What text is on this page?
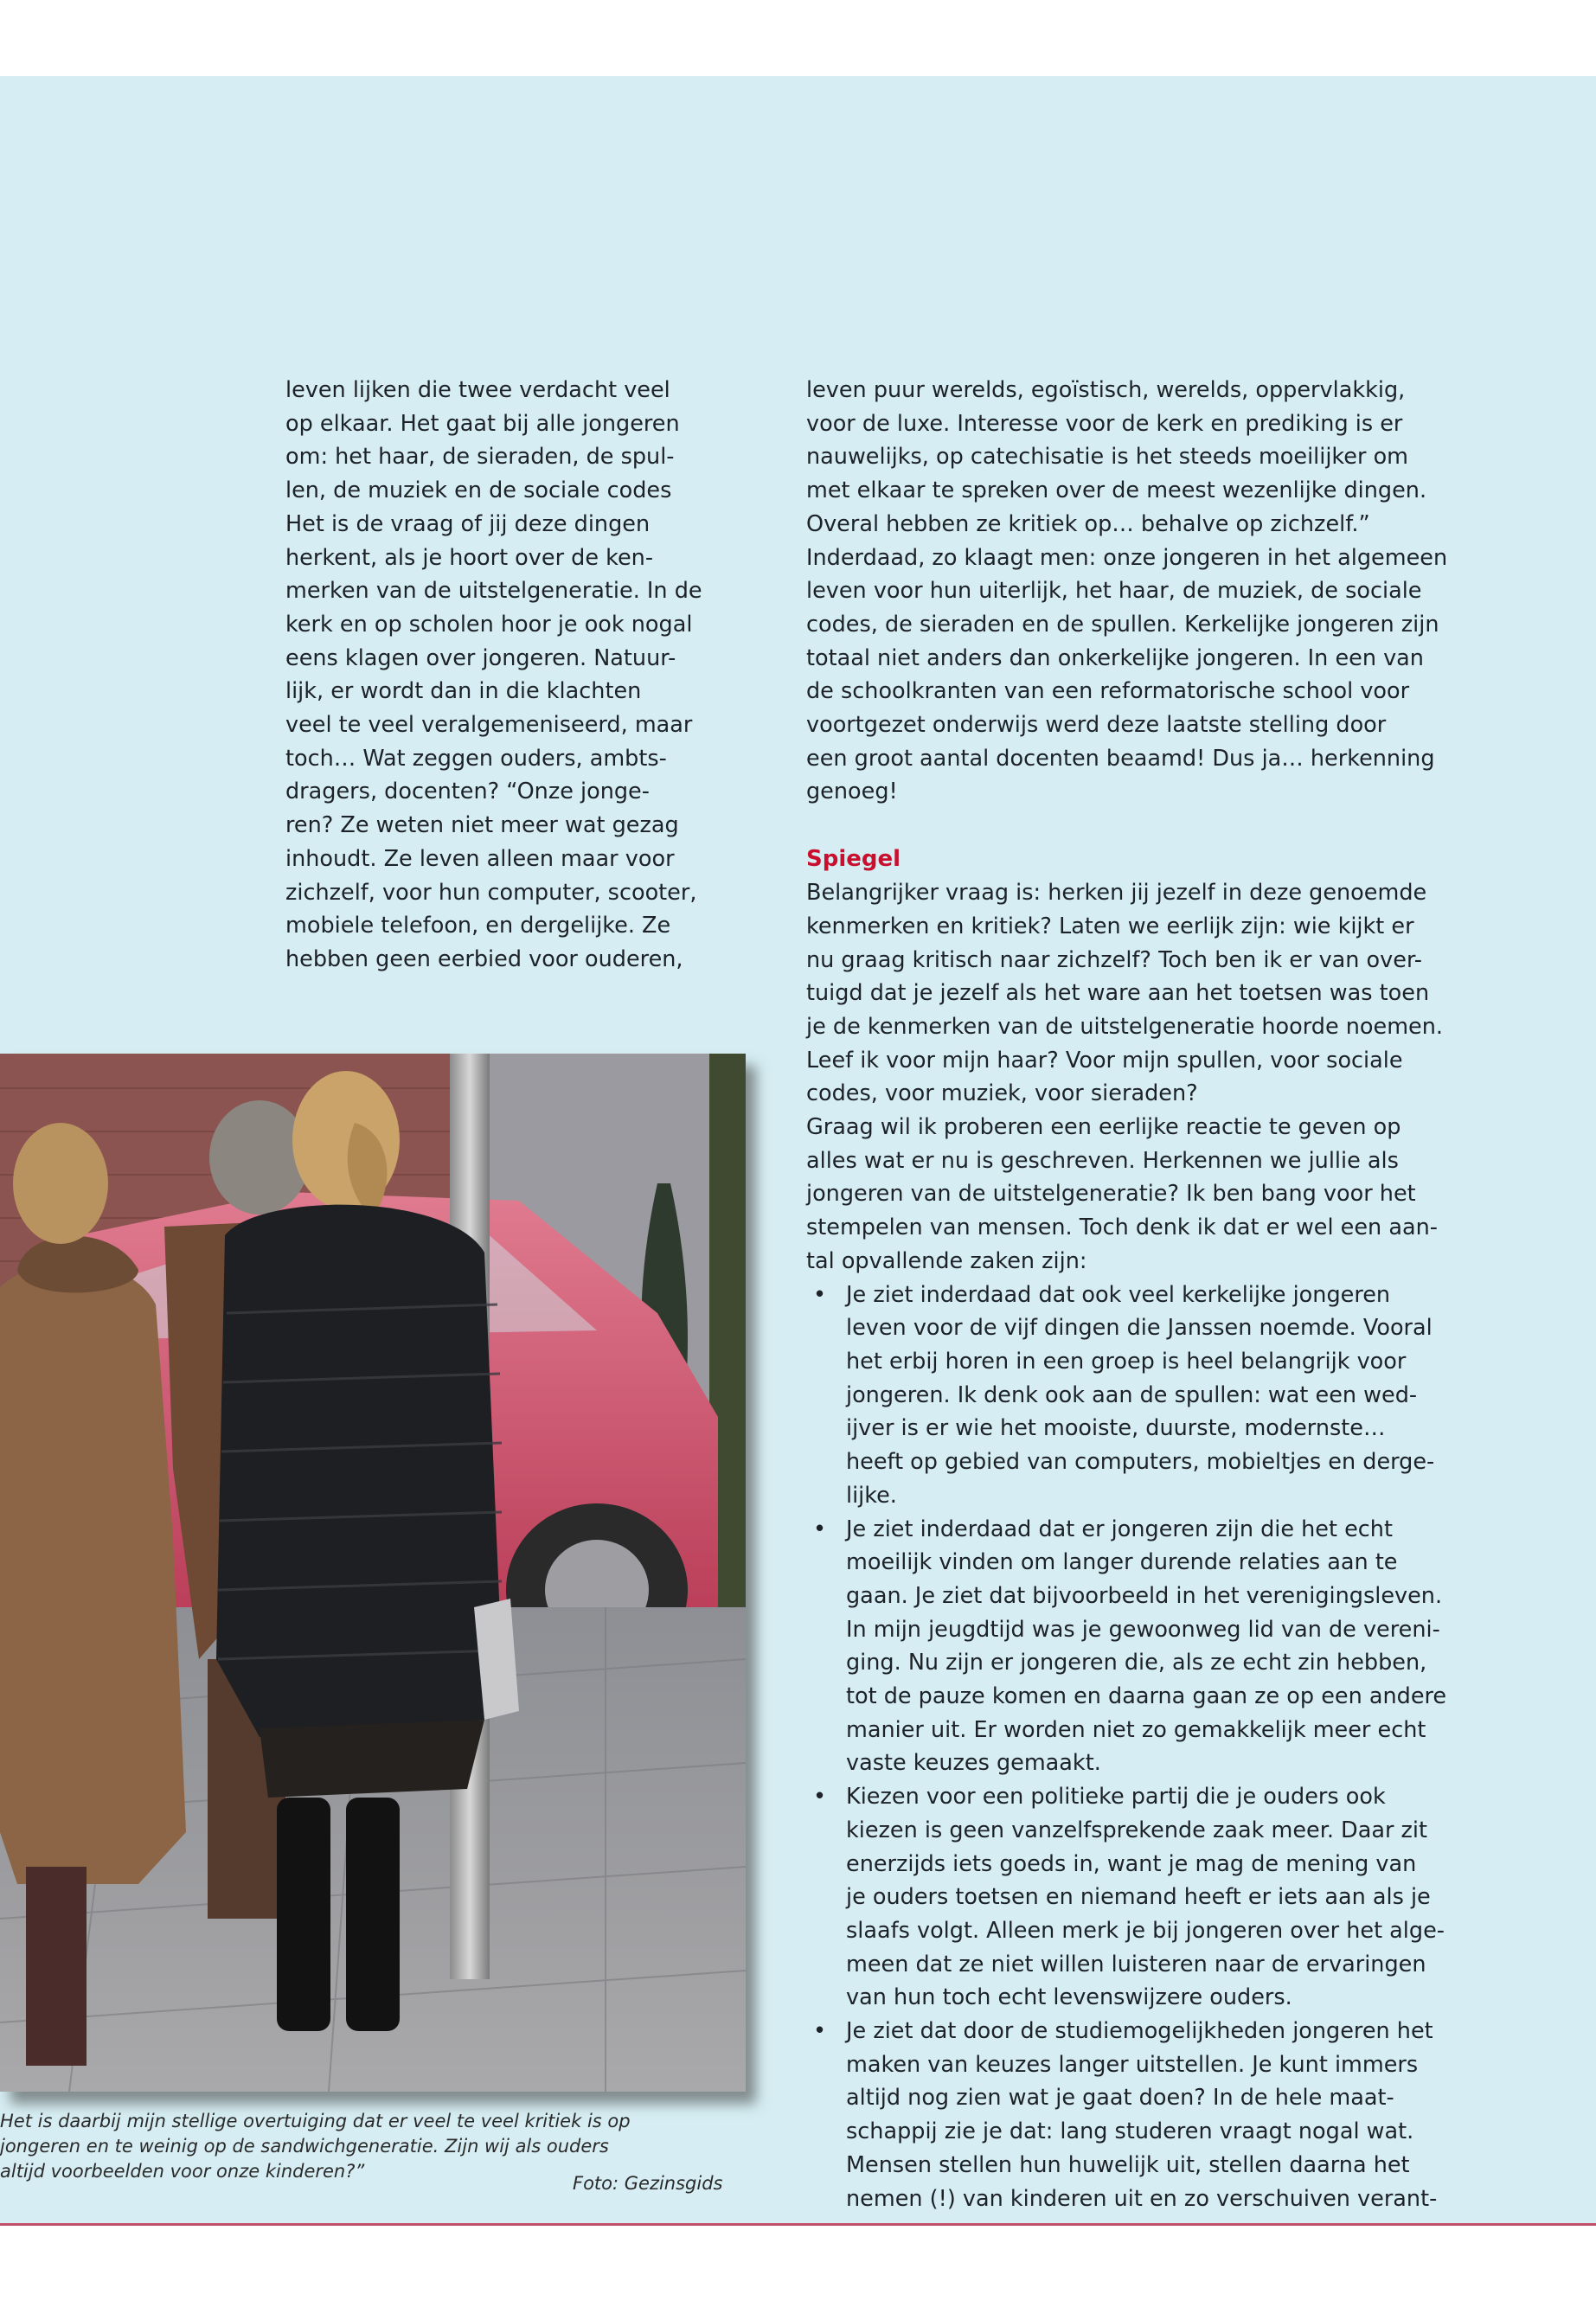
leven lijken die twee verdacht veel

op elkaar. Het gaat bij alle jongeren

om: het haar, de sieraden, de spul-

len, de muziek en de sociale codes

Het is de vraag of jij deze dingen

herkent, als je hoort over de ken-

merken van de uitstelgeneratie. In de

kerk en op scholen hoor je ook nogal

eens klagen over jongeren. Natuur-

lijk, er wordt dan in die klachten

veel te veel veralgemeniseerd, maar

toch… Wat zeggen ouders, ambts-

dragers, docenten? “Onze jonge-

ren? Ze weten niet meer wat gezag

inhoudt. Ze leven alleen maar voor

zichzelf, voor hun computer, scooter,

mobiele telefoon, en dergelijke. Ze

hebben geen eerbied voor ouderen,

leven puur werelds, egoïstisch, werelds, oppervlakkig,

voor de luxe. Interesse voor de kerk en prediking is er

nauwelijks, op catechisatie is het steeds moeilijker om

met elkaar te spreken over de meest wezenlijke dingen.

Overal hebben ze kritiek op… behalve op zichzelf.”

Inderdaad, zo klaagt men: onze jongeren in het algemeen

leven voor hun uiterlijk, het haar, de muziek, de sociale

codes, de sieraden en de spullen. Kerkelijke jongeren zijn

totaal niet anders dan onkerkelijke jongeren. In een van

de schoolkranten van een reformatorische school voor

voortgezet onderwijs werd deze laatste stelling door

een groot aantal docenten beaamd! Dus ja… herkenning

genoeg!

Spiegel

Belangrijker vraag is: herken jij jezelf in deze genoemde

kenmerken en kritiek? Laten we eerlijk zijn: wie kijkt er

nu graag kritisch naar zichzelf? Toch ben ik er van over-

tuigd dat je jezelf als het ware aan het toetsen was toen

je de kenmerken van de uitstelgeneratie hoorde noemen.

Leef ik voor mijn haar? Voor mijn spullen, voor sociale

codes, voor muziek, voor sieraden?

Graag wil ik proberen een eerlijke reactie te geven op

alles wat er nu is geschreven. Herkennen we jullie als

jongeren van de uitstelgeneratie? Ik ben bang voor het

stempelen van mensen. Toch denk ik dat er wel een aan-

tal opvallende zaken zijn:

• Je ziet inderdaad dat ook veel kerkelijke jongeren
leven voor de vijf dingen die Janssen noemde. Vooral
het erbij horen in een groep is heel belangrijk voor
jongeren. Ik denk ook aan de spullen: wat een wed-
ijver is er wie het mooiste, duurste, modernste…
heeft op gebied van computers, mobieltjes en derge-
lijke.
• Je ziet inderdaad dat er jongeren zijn die het echt
moeilijk vinden om langer durende relaties aan te
gaan. Je ziet dat bijvoorbeeld in het verenigingsleven.
In mijn jeugdtijd was je gewoonweg lid van de vereni-
ging. Nu zijn er jongeren die, als ze echt zin hebben,
tot de pauze komen en daarna gaan ze op een andere
manier uit. Er worden niet zo gemakkelijk meer echt
vaste keuzes gemaakt.
• Kiezen voor een politieke partij die je ouders ook
kiezen is geen vanzelfsprekende zaak meer. Daar zit
enerzijds iets goeds in, want je mag de mening van
je ouders toetsen en niemand heeft er iets aan als je
slaafs volgt. Alleen merk je bij jongeren over het alge-
meen dat ze niet willen luisteren naar de ervaringen
van hun toch echt levenswijzere ouders.
• Je ziet dat door de studiemogelijkheden jongeren het
maken van keuzes langer uitstellen. Je kunt immers
altijd nog zien wat je gaat doen? In de hele maat-
schappij zie je dat: lang studeren vraagt nogal wat.
Mensen stellen hun huwelijk uit, stellen daarna het
nemen (!) van kinderen uit en zo verschuiven verant-
Het is daarbij mijn stellige overtuiging dat er veel te veel kritiek is op
jongeren en te weinig op de sandwichgeneratie. Zijn wij als ouders
altijd voorbeelden voor onze kinderen?”
Foto: Gezinsgids
